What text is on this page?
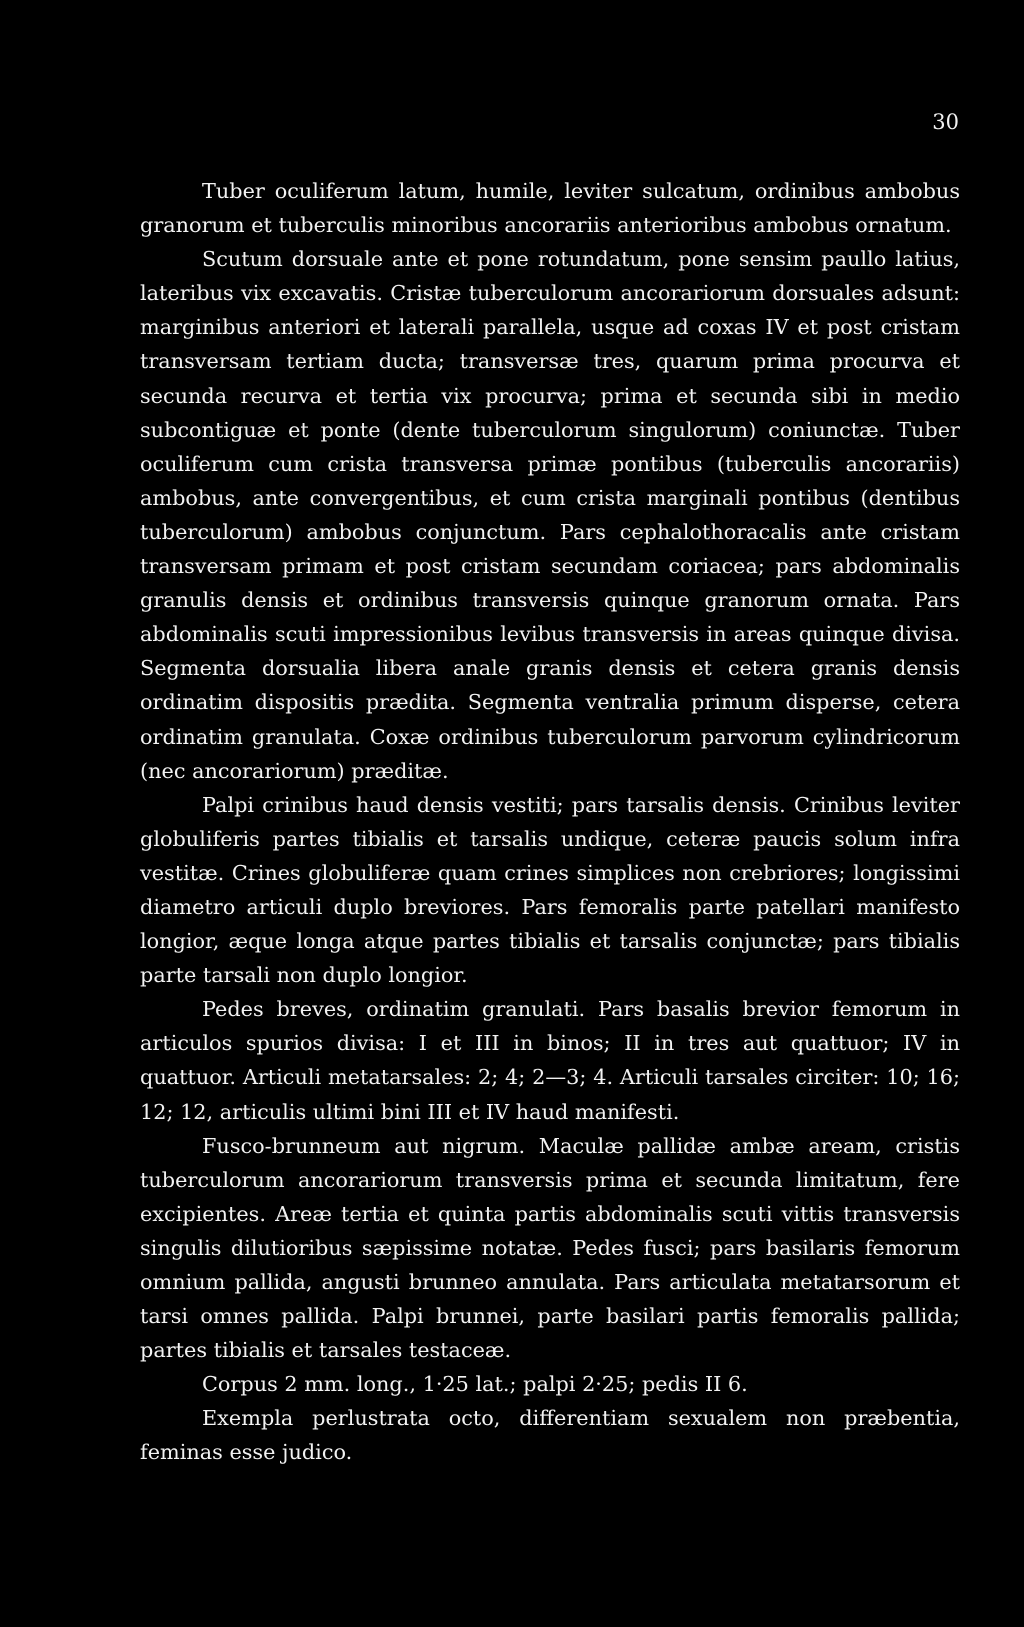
30

Tuber oculiferum latum, humile, leviter sulcatum, ordinibus ambobus granorum et tuberculis minoribus ancorariis anterioribus ambobus ornatum.

Scutum dorsuale ante et pone rotundatum, pone sensim paullo latius, lateribus vix excavatis. Cristæ tuberculorum ancorariorum dorsuales adsunt: marginibus anteriori et laterali parallela, usque ad coxas IV et post cristam transversam tertiam ducta; transversæ tres, quarum prima procurva et secunda recurva et tertia vix procurva; prima et secunda sibi in medio subcontiguæ et ponte (dente tuberculorum singulorum) coniunctæ. Tuber oculiferum cum crista transversa primæ pontibus (tuberculis ancorariis) ambobus, ante convergentibus, et cum crista marginali pontibus (dentibus tuberculorum) ambobus conjunctum. Pars cephalothoracalis ante cristam transversam primam et post cristam secundam coriacea; pars abdominalis granulis densis et ordinibus transversis quinque granorum ornata. Pars abdominalis scuti impressionibus levibus transversis in areas quinque divisa. Segmenta dorsualia libera anale granis densis et cetera granis densis ordinatim dispositis prædita. Segmenta ventralia primum disperse, cetera ordinatim granulata. Coxæ ordinibus tuberculorum parvorum cylindricorum (nec ancorariorum) præditæ.

Palpi crinibus haud densis vestiti; pars tarsalis densis. Crinibus leviter globuliferis partes tibialis et tarsalis undique, ceteræ paucis solum infra vestitæ. Crines globuliferæ quam crines simplices non crebriores; longissimi diametro articuli duplo breviores. Pars femoralis parte patellari manifesto longior, æque longa atque partes tibialis et tarsalis conjunctæ; pars tibialis parte tarsali non duplo longior.

Pedes breves, ordinatim granulati. Pars basalis brevior femorum in articulos spurios divisa: I et III in binos; II in tres aut quattuor; IV in quattuor. Articuli metatarsales: 2; 4; 2—3; 4. Articuli tarsales circiter: 10; 16; 12; 12, articulis ultimi bini III et IV haud manifesti.

Fusco-brunneum aut nigrum. Maculæ pallidæ ambæ aream, cristis tuberculorum ancorariorum transversis prima et secunda limitatum, fere excipientes. Areæ tertia et quinta partis abdominalis scuti vittis transversis singulis dilutioribus sæpissime notatæ. Pedes fusci; pars basilaris femorum omnium pallida, angusti brunneo annulata. Pars articulata metatarsorum et tarsi omnes pallida. Palpi brunnei, parte basilari partis femoralis pallida; partes tibialis et tarsales testaceæ.

Corpus 2 mm. long., 1·25 lat.; palpi 2·25; pedis II 6.

Exempla perlustrata octo, differentiam sexualem non præbentia, feminas esse judico.
